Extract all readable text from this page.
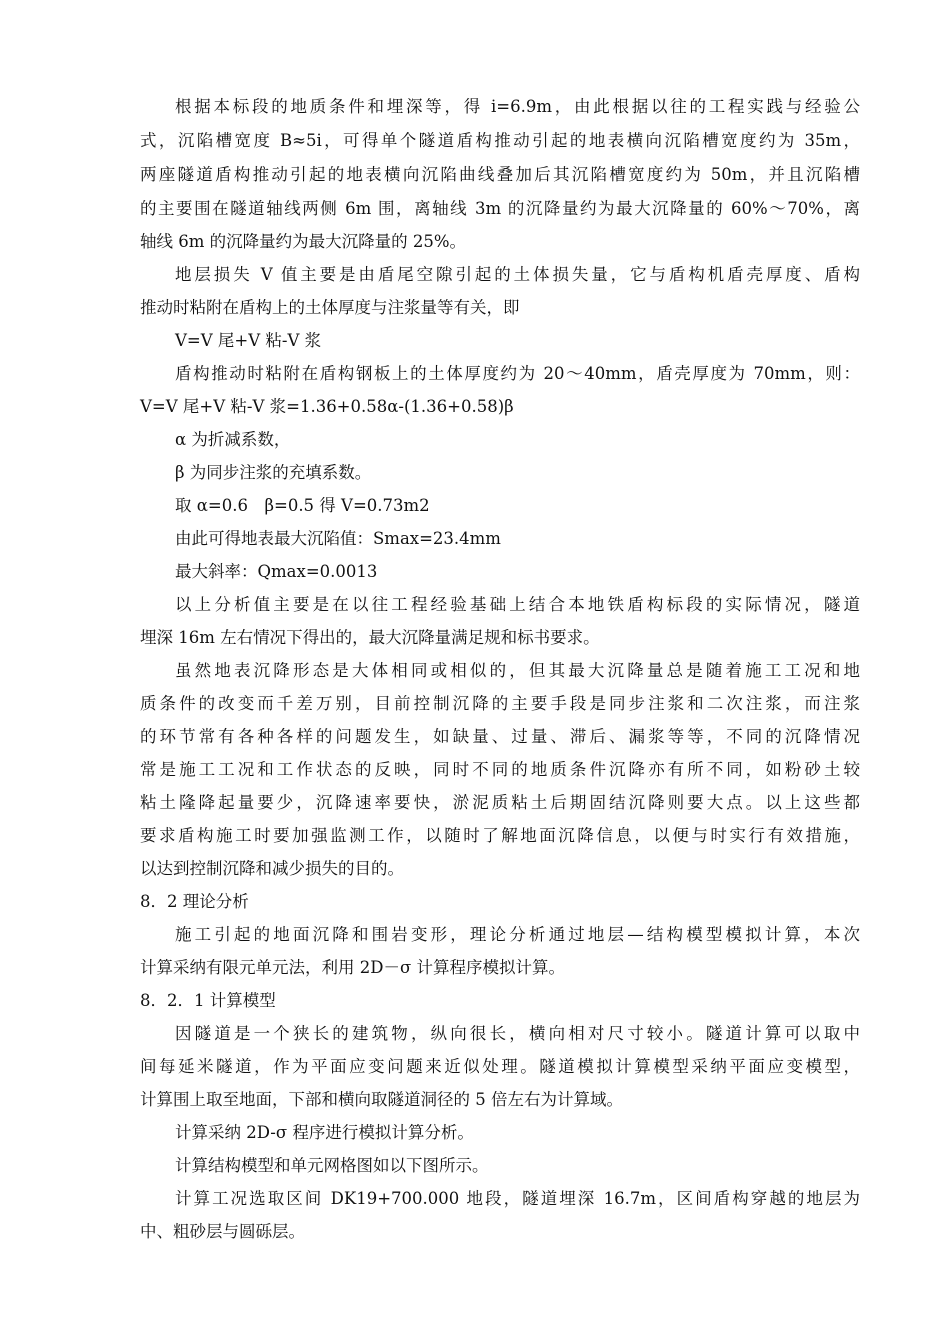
根据本标段的地质条件和埋深等，得 i=6.9m，由此根据以往的工程实践与经验公

式，沉陷槽宽度 B≈5i，可得单个隧道盾构推动引起的地表横向沉陷槽宽度约为 35m，

两座隧道盾构推动引起的地表横向沉陷曲线叠加后其沉陷槽宽度约为 50m，并且沉陷槽

的主要围在隧道轴线两侧 6m 围，离轴线 3m 的沉降量约为最大沉降量的 60%～70%，离

轴线 6m 的沉降量约为最大沉降量的 25%。

地层损失 V 值主要是由盾尾空隙引起的土体损失量，它与盾构机盾壳厚度、盾构

推动时粘附在盾构上的土体厚度与注浆量等有关，即

V=V 尾+V 粘-V 浆

盾构推动时粘附在盾构钢板上的土体厚度约为 20～40mm，盾壳厚度为 70mm，则：

V=V 尾+V 粘-V 浆=1.36+0.58α-(1.36+0.58)β

α 为折减系数，

β 为同步注浆的充填系数。

取 α=0.6　β=0.5 得 V=0.73m2

由此可得地表最大沉陷值：Smax=23.4mm

最大斜率：Qmax=0.0013

以上分析值主要是在以往工程经验基础上结合本地铁盾构标段的实际情况，隧道

埋深 16m 左右情况下得出的，最大沉降量满足规和标书要求。

虽然地表沉降形态是大体相同或相似的，但其最大沉降量总是随着施工工况和地

质条件的改变而千差万别，目前控制沉降的主要手段是同步注浆和二次注浆，而注浆

的环节常有各种各样的问题发生，如缺量、过量、滞后、漏浆等等，不同的沉降情况

常是施工工况和工作状态的反映，同时不同的地质条件沉降亦有所不同，如粉砂土较

粘土隆降起量要少，沉降速率要快，淤泥质粘土后期固结沉降则要大点。以上这些都

要求盾构施工时要加强监测工作，以随时了解地面沉降信息，以便与时实行有效措施，

以达到控制沉降和减少损失的目的。

8．2 理论分析

施工引起的地面沉降和围岩变形，理论分析通过地层—结构模型模拟计算，本次

计算采纳有限元单元法，利用 2D－σ 计算程序模拟计算。

8．2．1 计算模型

因隧道是一个狭长的建筑物，纵向很长，横向相对尺寸较小。隧道计算可以取中

间每延米隧道，作为平面应变问题来近似处理。隧道模拟计算模型采纳平面应变模型，

计算围上取至地面，下部和横向取隧道洞径的 5 倍左右为计算域。

计算采纳 2D-σ 程序进行模拟计算分析。

计算结构模型和单元网格图如以下图所示。

计算工况选取区间 DK19+700.000 地段，隧道埋深 16.7m，区间盾构穿越的地层为

中、粗砂层与圆砾层。
